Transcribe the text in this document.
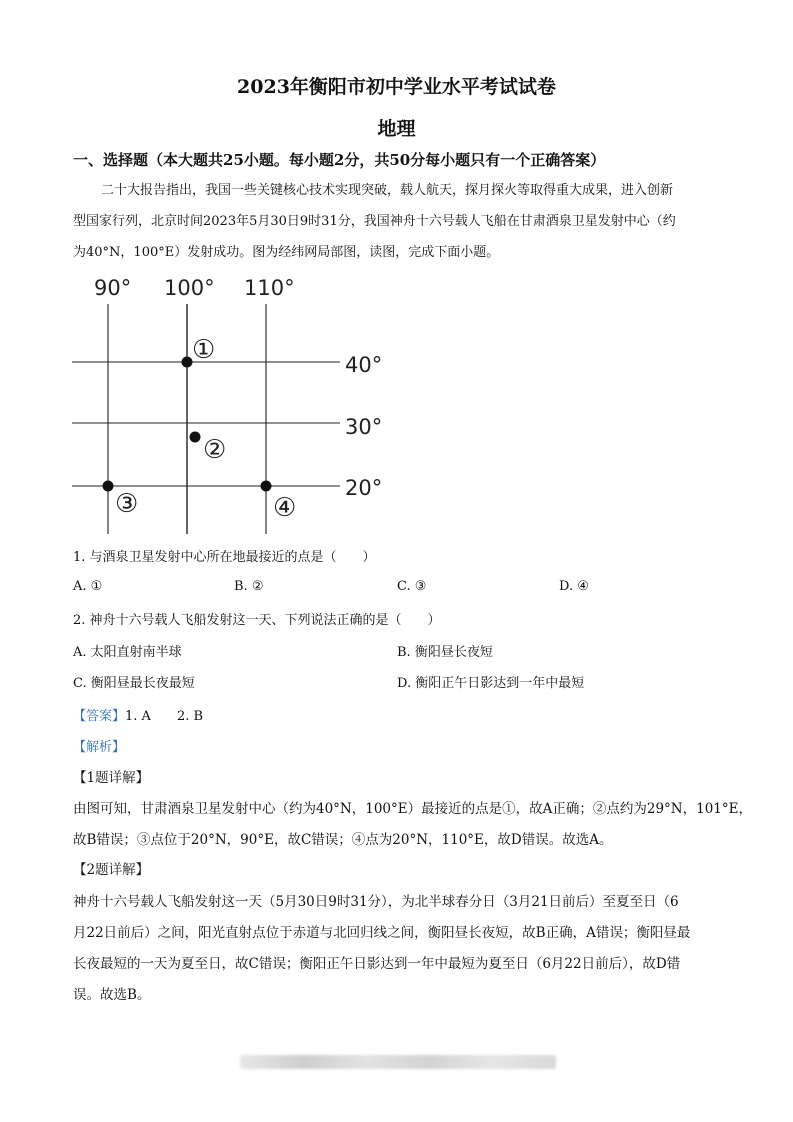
2023年衡阳市初中学业水平考试试卷
地理
一、选择题（本大题共25小题。每小题2分，共50分每小题只有一个正确答案）
二十大报告指出，我国一些关键核心技术实现突破，载人航天，探月探火等取得重大成果，进入创新
型国家行列，北京时间2023年5月30日9时31分，我国神舟十六号载人飞船在甘肃酒泉卫星发射中心（约
为40°N，100°E）发射成功。图为经纬网局部图，读图，完成下面小题。
90° 100° 110°
40°
30°
20°
①
②
③	④
1. 与酒泉卫星发射中心所在地最接近的点是（　　）
A. ①	B. ②	C. ③	D. ④
2. 神舟十六号载人飞船发射这一天、下列说法正确的是（　　）
A. 太阳直射南半球	B. 衡阳昼长夜短
C. 衡阳昼最长夜最短	D. 衡阳正午日影达到一年中最短
【答案】1. A 2. B
【解析】
【1题详解】
由图可知，甘肃酒泉卫星发射中心（约为40°N，100°E）最接近的点是①，故A正确；②点约为29°N，101°E，
故B错误；③点位于20°N，90°E，故C错误；④点为20°N，110°E，故D错误。故选A。
【2题详解】
神舟十六号载人飞船发射这一天（5月30日9时31分），为北半球春分日（3月21日前后）至夏至日（6
月22日前后）之间，阳光直射点位于赤道与北回归线之间，衡阳昼长夜短，故B正确，A错误；衡阳昼最
长夜最短的一天为夏至日，故C错误；衡阳正午日影达到一年中最短为夏至日（6月22日前后），故D错
误。故选B。
